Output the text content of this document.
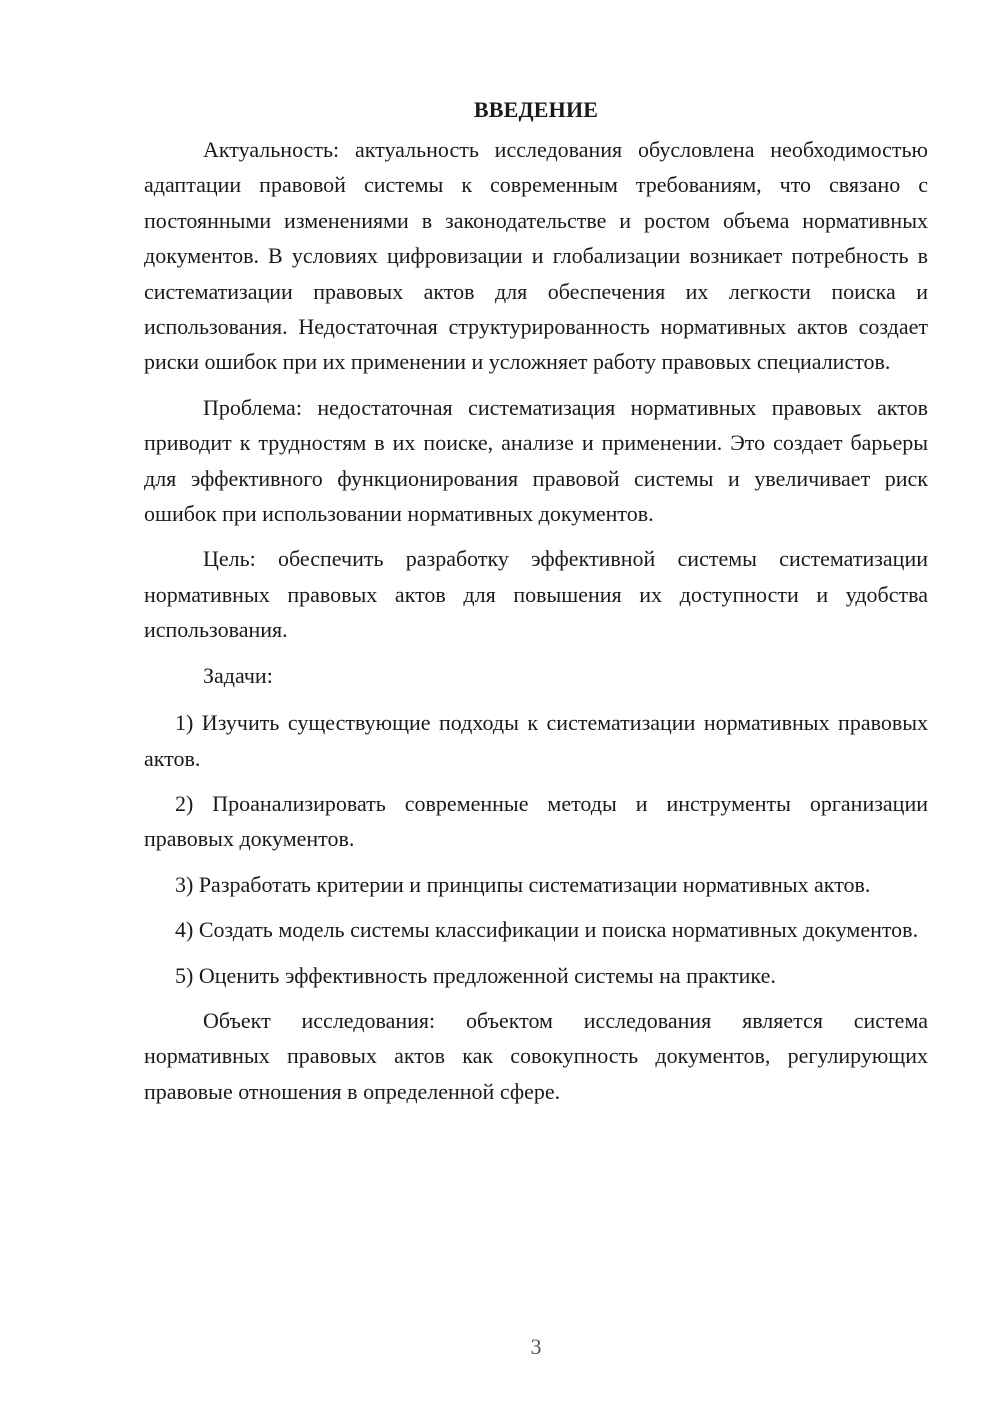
ВВЕДЕНИЕ

Актуальность: актуальность исследования обусловлена необходимостью адаптации правовой системы к современным требованиям, что связано с постоянными изменениями в законодательстве и ростом объема нормативных документов. В условиях цифровизации и глобализации возникает потребность в систематизации правовых актов для обеспечения их легкости поиска и использования. Недостаточная структурированность нормативных актов создает риски ошибок при их применении и усложняет работу правовых специалистов.

Проблема: недостаточная систематизация нормативных правовых актов приводит к трудностям в их поиске, анализе и применении. Это создает барьеры для эффективного функционирования правовой системы и увеличивает риск ошибок при использовании нормативных документов.

Цель: обеспечить разработку эффективной системы систематизации нормативных правовых актов для повышения их доступности и удобства использования.

Задачи:

1) Изучить существующие подходы к систематизации нормативных правовых актов.

2) Проанализировать современные методы и инструменты организации правовых документов.

3) Разработать критерии и принципы систематизации нормативных актов.

4) Создать модель системы классификации и поиска нормативных документов.

5) Оценить эффективность предложенной системы на практике.

Объект исследования: объектом исследования является система нормативных правовых актов как совокупность документов, регулирующих правовые отношения в определенной сфере.

3
